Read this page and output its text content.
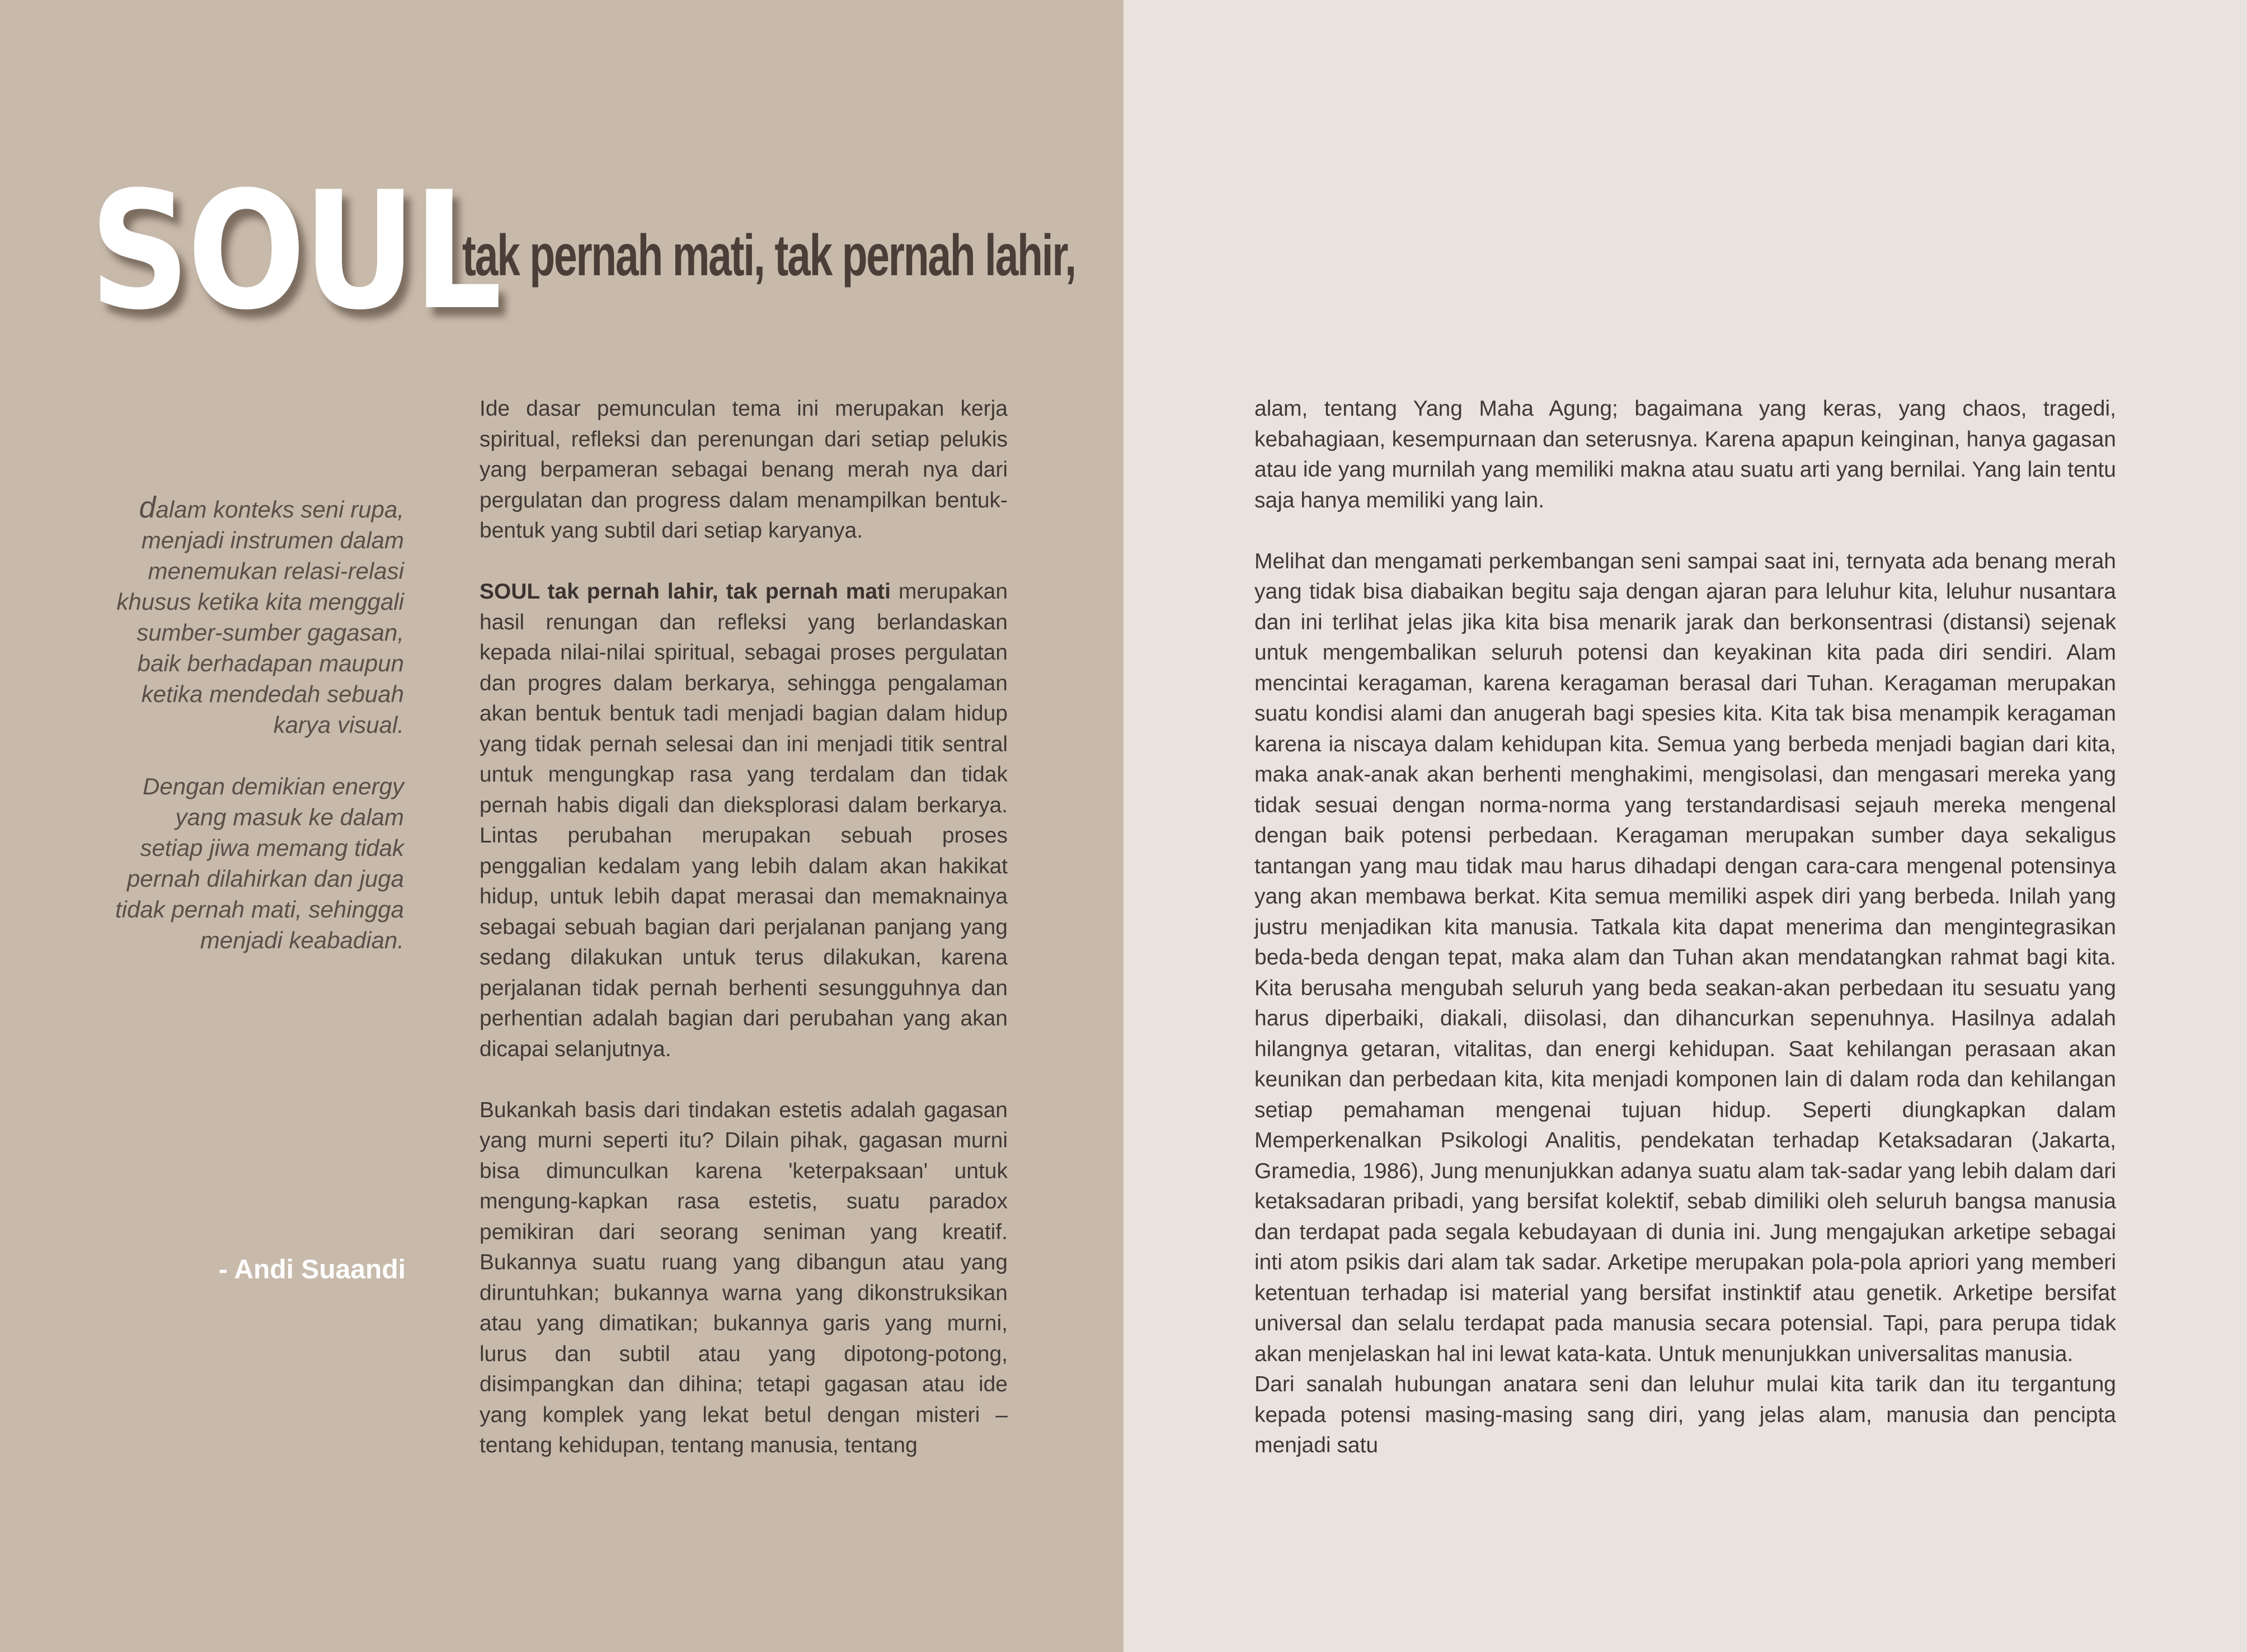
SOUL
tak pernah mati, tak pernah lahir,

dalam konteks seni rupa, menjadi instrumen dalam menemukan relasi-relasi khusus ketika kita menggali sumber-sumber gagasan, baik berhadapan maupun ketika mendedah sebuah karya visual.

Dengan demikian energy yang masuk ke dalam setiap jiwa memang tidak pernah dilahirkan dan juga tidak pernah mati, sehingga menjadi keabadian.

- Andi Suaandi

Ide dasar pemunculan tema ini merupakan kerja spiritual, refleksi dan perenungan dari setiap pelukis yang berpameran sebagai benang merah nya dari pergulatan dan progress dalam menampilkan bentuk-bentuk yang subtil dari setiap karyanya.

SOUL tak pernah lahir, tak pernah mati merupakan hasil renungan dan refleksi yang berlandaskan kepada nilai-nilai spiritual, sebagai proses pergulatan dan progres dalam berkarya, sehingga pengalaman akan bentuk bentuk tadi menjadi bagian dalam hidup yang tidak pernah selesai dan ini menjadi titik sentral untuk mengungkap rasa yang terdalam dan tidak pernah habis digali dan dieksplorasi dalam berkarya. Lintas perubahan merupakan sebuah proses penggalian kedalam yang lebih dalam akan hakikat hidup, untuk lebih dapat merasai dan memaknainya sebagai sebuah bagian dari perjalanan panjang yang sedang dilakukan untuk terus dilakukan, karena perjalanan tidak pernah berhenti sesungguhnya dan perhentian adalah bagian dari perubahan yang akan dicapai selanjutnya.

Bukankah basis dari tindakan estetis adalah gagasan yang murni seperti itu? Dilain pihak, gagasan murni bisa dimunculkan karena 'keterpaksaan' untuk mengung-kapkan rasa estetis, suatu paradox pemikiran dari seorang seniman yang kreatif. Bukannya suatu ruang yang dibangun atau yang diruntuhkan; bukannya warna yang dikonstruksikan atau yang dimatikan; bukannya garis yang murni, lurus dan subtil atau yang dipotong-potong, disimpangkan dan dihina; tetapi gagasan atau ide yang komplek yang lekat betul dengan misteri – tentang kehidupan, tentang manusia, tentang

alam, tentang Yang Maha Agung; bagaimana yang keras, yang chaos, tragedi, kebahagiaan, kesempurnaan dan seterusnya. Karena apapun keinginan, hanya gagasan atau ide yang murnilah yang memiliki makna atau suatu arti yang bernilai. Yang lain tentu saja hanya memiliki yang lain.

Melihat dan mengamati perkembangan seni sampai saat ini, ternyata ada benang merah yang tidak bisa diabaikan begitu saja dengan ajaran para leluhur kita, leluhur nusantara dan ini terlihat jelas jika kita bisa menarik jarak dan berkonsentrasi (distansi) sejenak untuk mengembalikan seluruh potensi dan keyakinan kita pada diri sendiri. Alam mencintai keragaman, karena keragaman berasal dari Tuhan. Keragaman merupakan suatu kondisi alami dan anugerah bagi spesies kita. Kita tak bisa menampik keragaman karena ia niscaya dalam kehidupan kita. Semua yang berbeda menjadi bagian dari kita, maka anak-anak akan berhenti menghakimi, mengisolasi, dan mengasari mereka yang tidak sesuai dengan norma-norma yang terstandardisasi sejauh mereka mengenal dengan baik potensi perbedaan. Keragaman merupakan sumber daya sekaligus tantangan yang mau tidak mau harus dihadapi dengan cara-cara mengenal potensinya yang akan membawa berkat. Kita semua memiliki aspek diri yang berbeda. Inilah yang justru menjadikan kita manusia. Tatkala kita dapat menerima dan mengintegrasikan beda-beda dengan tepat, maka alam dan Tuhan akan mendatangkan rahmat bagi kita. Kita berusaha mengubah seluruh yang beda seakan-akan perbedaan itu sesuatu yang harus diperbaiki, diakali, diisolasi, dan dihancurkan sepenuhnya. Hasilnya adalah hilangnya getaran, vitalitas, dan energi kehidupan. Saat kehilangan perasaan akan keunikan dan perbedaan kita, kita menjadi komponen lain di dalam roda dan kehilangan setiap pemahaman mengenai tujuan hidup. Seperti diungkapkan dalam Memperkenalkan Psikologi Analitis, pendekatan terhadap Ketaksadaran (Jakarta, Gramedia, 1986), Jung menunjukkan adanya suatu alam tak-sadar yang lebih dalam dari ketaksadaran pribadi, yang bersifat kolektif, sebab dimiliki oleh seluruh bangsa manusia dan terdapat pada segala kebudayaan di dunia ini. Jung mengajukan arketipe sebagai inti atom psikis dari alam tak sadar. Arketipe merupakan pola-pola apriori yang memberi ketentuan terhadap isi material yang bersifat instinktif atau genetik. Arketipe bersifat universal dan selalu terdapat pada manusia secara potensial. Tapi, para perupa tidak akan menjelaskan hal ini lewat kata-kata. Untuk menunjukkan universalitas manusia.

Dari sanalah hubungan anatara seni dan leluhur mulai kita tarik dan itu tergantung kepada potensi masing-masing sang diri, yang jelas alam, manusia dan pencipta menjadi satu
